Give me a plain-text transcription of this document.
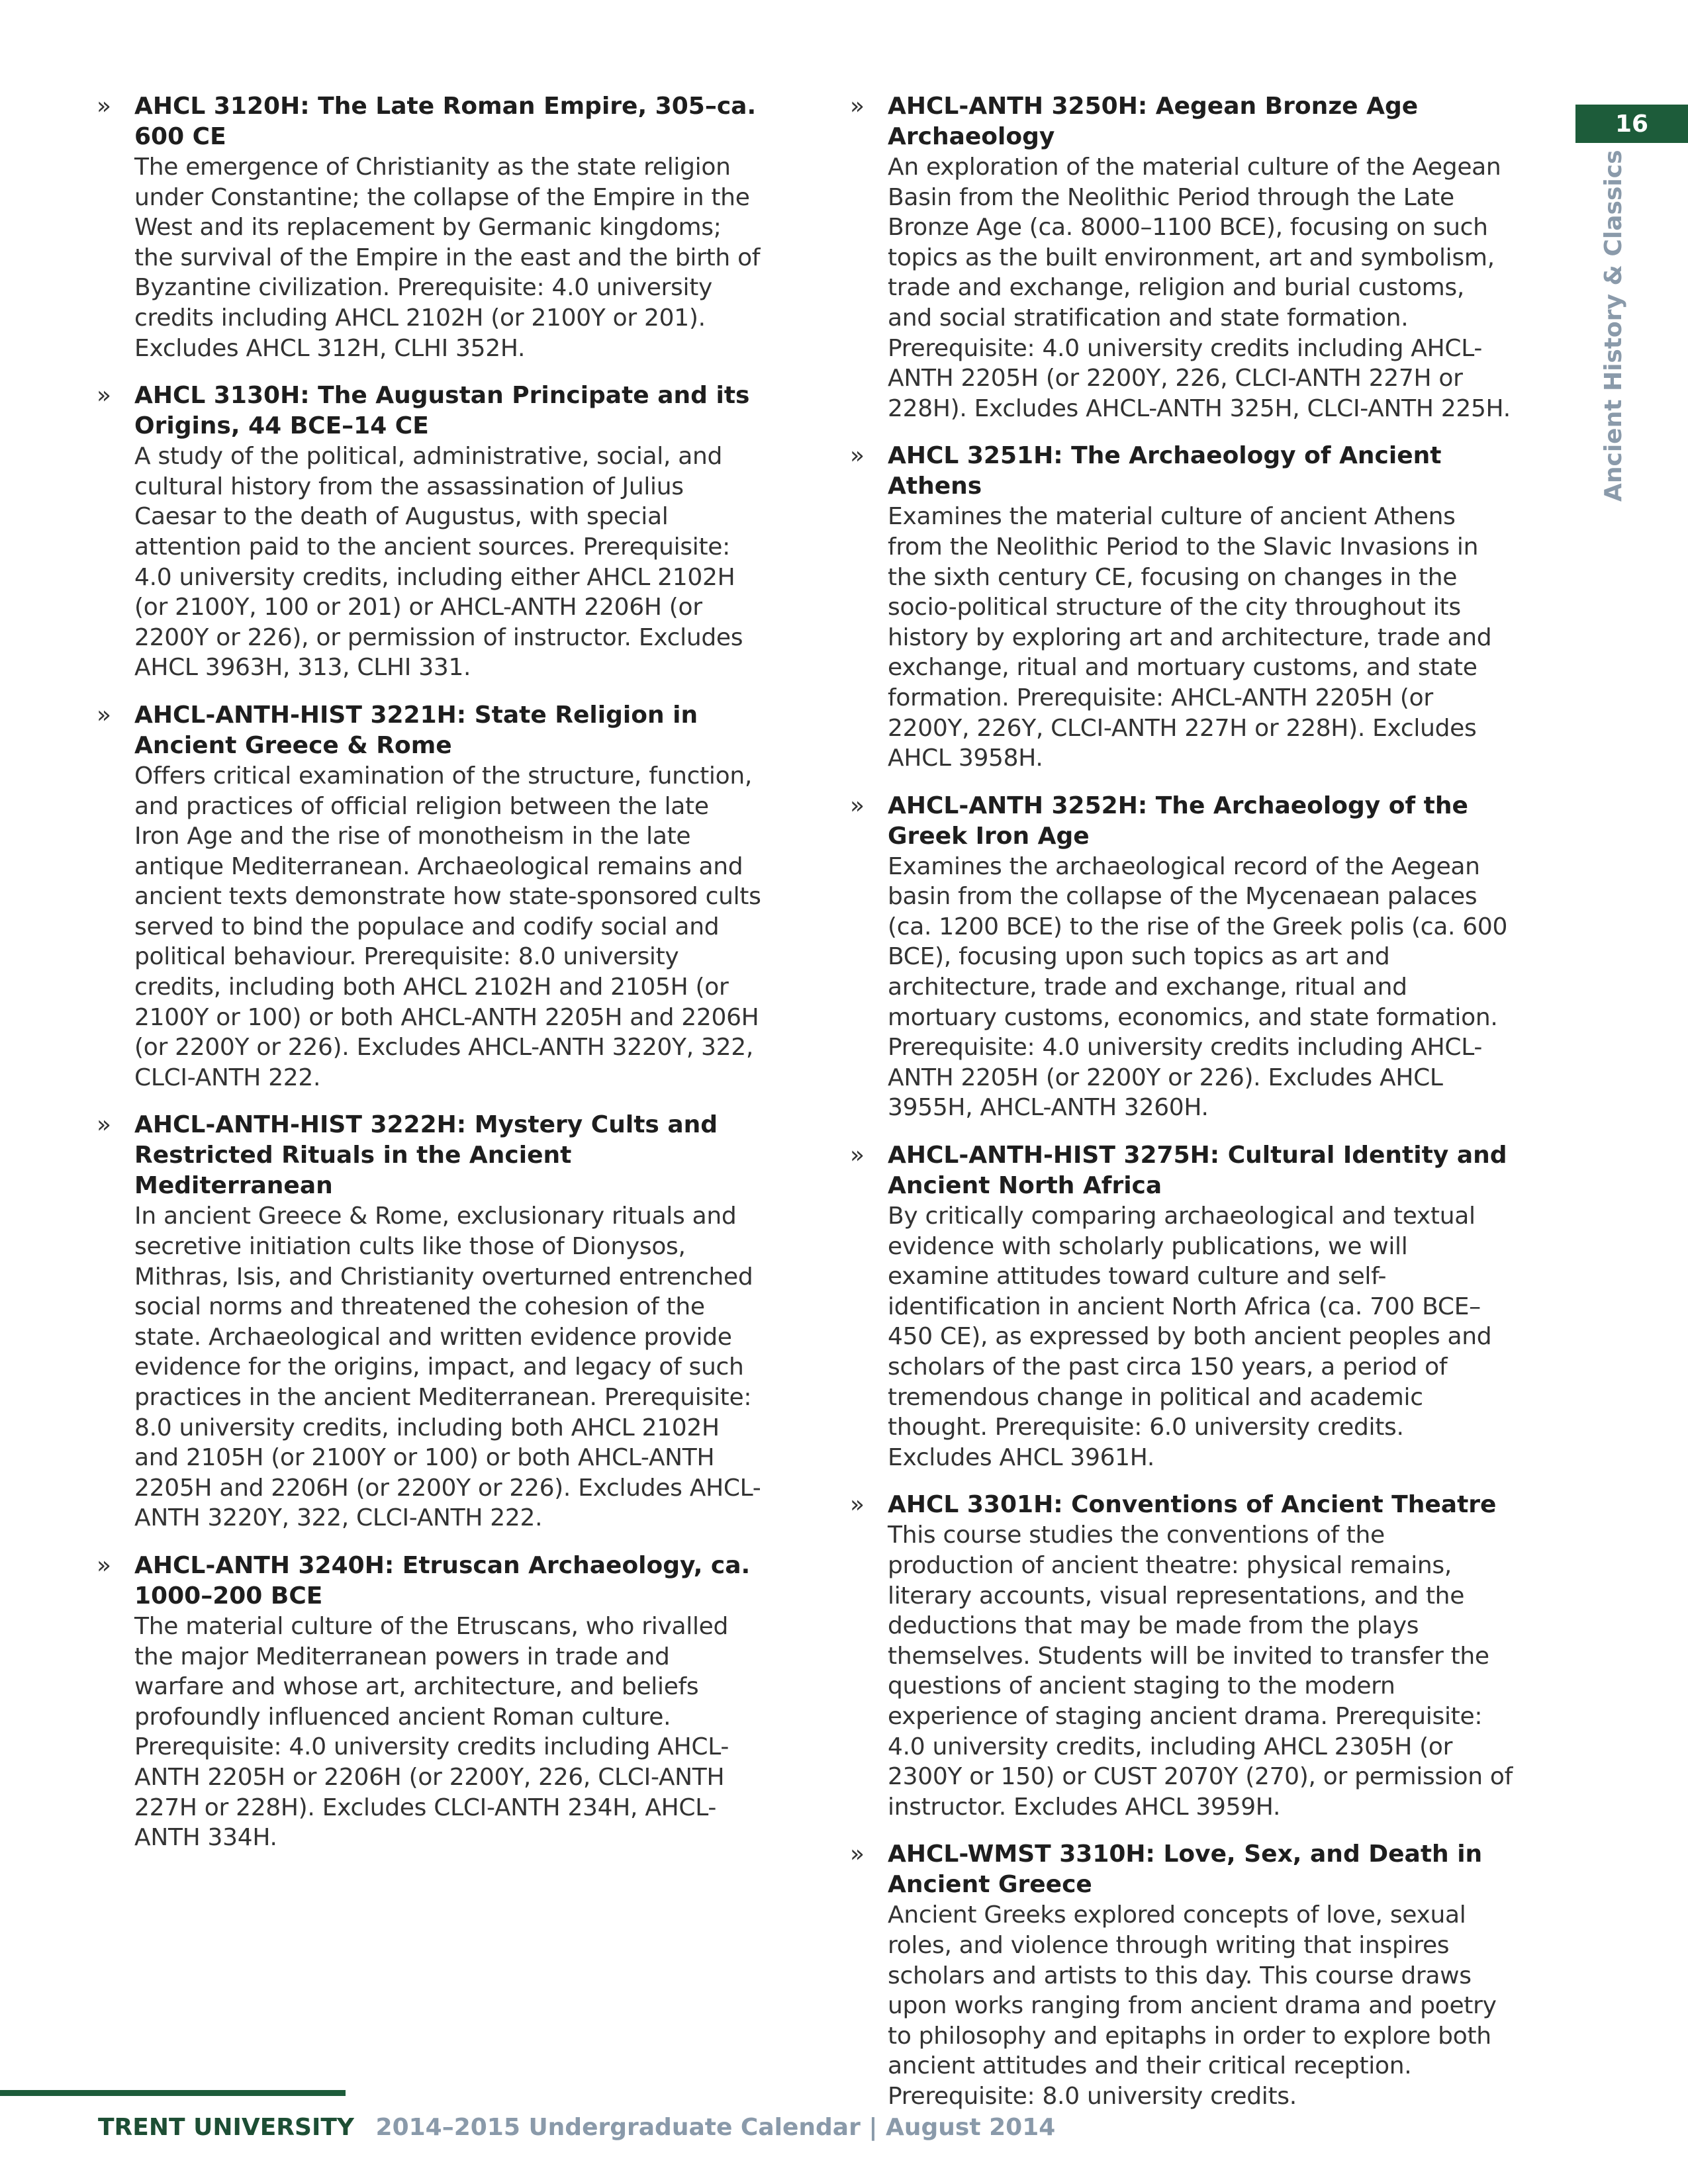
» AHCL 3120H: The Late Roman Empire, 305–ca. 600 CE
The emergence of Christianity as the state religion under Constantine; the collapse of the Empire in the West and its replacement by Germanic kingdoms; the survival of the Empire in the east and the birth of Byzantine civilization. Prerequisite: 4.0 university credits including AHCL 2102H (or 2100Y or 201). Excludes AHCL 312H, CLHI 352H.
» AHCL 3130H: The Augustan Principate and its Origins, 44 BCE–14 CE
A study of the political, administrative, social, and cultural history from the assassination of Julius Caesar to the death of Augustus, with special attention paid to the ancient sources. Prerequisite: 4.0 university credits, including either AHCL 2102H (or 2100Y, 100 or 201) or AHCL-ANTH 2206H (or 2200Y or 226), or permission of instructor. Excludes AHCL 3963H, 313, CLHI 331.
» AHCL-ANTH-HIST 3221H: State Religion in Ancient Greece & Rome
Offers critical examination of the structure, function, and practices of official religion between the late Iron Age and the rise of monotheism in the late antique Mediterranean. Archaeological remains and ancient texts demonstrate how state-sponsored cults served to bind the populace and codify social and political behaviour. Prerequisite: 8.0 university credits, including both AHCL 2102H and 2105H (or 2100Y or 100) or both AHCL-ANTH 2205H and 2206H (or 2200Y or 226). Excludes AHCL-ANTH 3220Y, 322, CLCI-ANTH 222.
» AHCL-ANTH-HIST 3222H: Mystery Cults and Restricted Rituals in the Ancient Mediterranean
In ancient Greece & Rome, exclusionary rituals and secretive initiation cults like those of Dionysos, Mithras, Isis, and Christianity overturned entrenched social norms and threatened the cohesion of the state. Archaeological and written evidence provide evidence for the origins, impact, and legacy of such practices in the ancient Mediterranean. Prerequisite: 8.0 university credits, including both AHCL 2102H and 2105H (or 2100Y or 100) or both AHCL-ANTH 2205H and 2206H (or 2200Y or 226). Excludes AHCL-ANTH 3220Y, 322, CLCI-ANTH 222.
» AHCL-ANTH 3240H: Etruscan Archaeology, ca. 1000–200 BCE
The material culture of the Etruscans, who rivalled the major Mediterranean powers in trade and warfare and whose art, architecture, and beliefs profoundly influenced ancient Roman culture. Prerequisite: 4.0 university credits including AHCL-ANTH 2205H or 2206H (or 2200Y, 226, CLCI-ANTH 227H or 228H). Excludes CLCI-ANTH 234H, AHCL-ANTH 334H.
» AHCL-ANTH 3250H: Aegean Bronze Age Archaeology
An exploration of the material culture of the Aegean Basin from the Neolithic Period through the Late Bronze Age (ca. 8000–1100 BCE), focusing on such topics as the built environment, art and symbolism, trade and exchange, religion and burial customs, and social stratification and state formation. Prerequisite: 4.0 university credits including AHCL-ANTH 2205H (or 2200Y, 226, CLCI-ANTH 227H or 228H). Excludes AHCL-ANTH 325H, CLCI-ANTH 225H.
» AHCL 3251H: The Archaeology of Ancient Athens
Examines the material culture of ancient Athens from the Neolithic Period to the Slavic Invasions in the sixth century CE, focusing on changes in the socio-political structure of the city throughout its history by exploring art and architecture, trade and exchange, ritual and mortuary customs, and state formation. Prerequisite: AHCL-ANTH 2205H (or 2200Y, 226Y, CLCI-ANTH 227H or 228H). Excludes AHCL 3958H.
» AHCL-ANTH 3252H: The Archaeology of the Greek Iron Age
Examines the archaeological record of the Aegean basin from the collapse of the Mycenaean palaces (ca. 1200 BCE) to the rise of the Greek polis (ca. 600 BCE), focusing upon such topics as art and architecture, trade and exchange, ritual and mortuary customs, economics, and state formation. Prerequisite: 4.0 university credits including AHCL-ANTH 2205H (or 2200Y or 226). Excludes AHCL 3955H, AHCL-ANTH 3260H.
» AHCL-ANTH-HIST 3275H: Cultural Identity and Ancient North Africa
By critically comparing archaeological and textual evidence with scholarly publications, we will examine attitudes toward culture and self-identification in ancient North Africa (ca. 700 BCE–450 CE), as expressed by both ancient peoples and scholars of the past circa 150 years, a period of tremendous change in political and academic thought. Prerequisite: 6.0 university credits. Excludes AHCL 3961H.
» AHCL 3301H: Conventions of Ancient Theatre
This course studies the conventions of the production of ancient theatre: physical remains, literary accounts, visual representations, and the deductions that may be made from the plays themselves. Students will be invited to transfer the questions of ancient staging to the modern experience of staging ancient drama. Prerequisite: 4.0 university credits, including AHCL 2305H (or 2300Y or 150) or CUST 2070Y (270), or permission of instructor. Excludes AHCL 3959H.
» AHCL-WMST 3310H: Love, Sex, and Death in Ancient Greece
Ancient Greeks explored concepts of love, sexual roles, and violence through writing that inspires scholars and artists to this day. This course draws upon works ranging from ancient drama and poetry to philosophy and epitaphs in order to explore both ancient attitudes and their critical reception. Prerequisite: 8.0 university credits.
16
Ancient History & Classics
TRENT UNIVERSITY 2014–2015 Undergraduate Calendar | August 2014
